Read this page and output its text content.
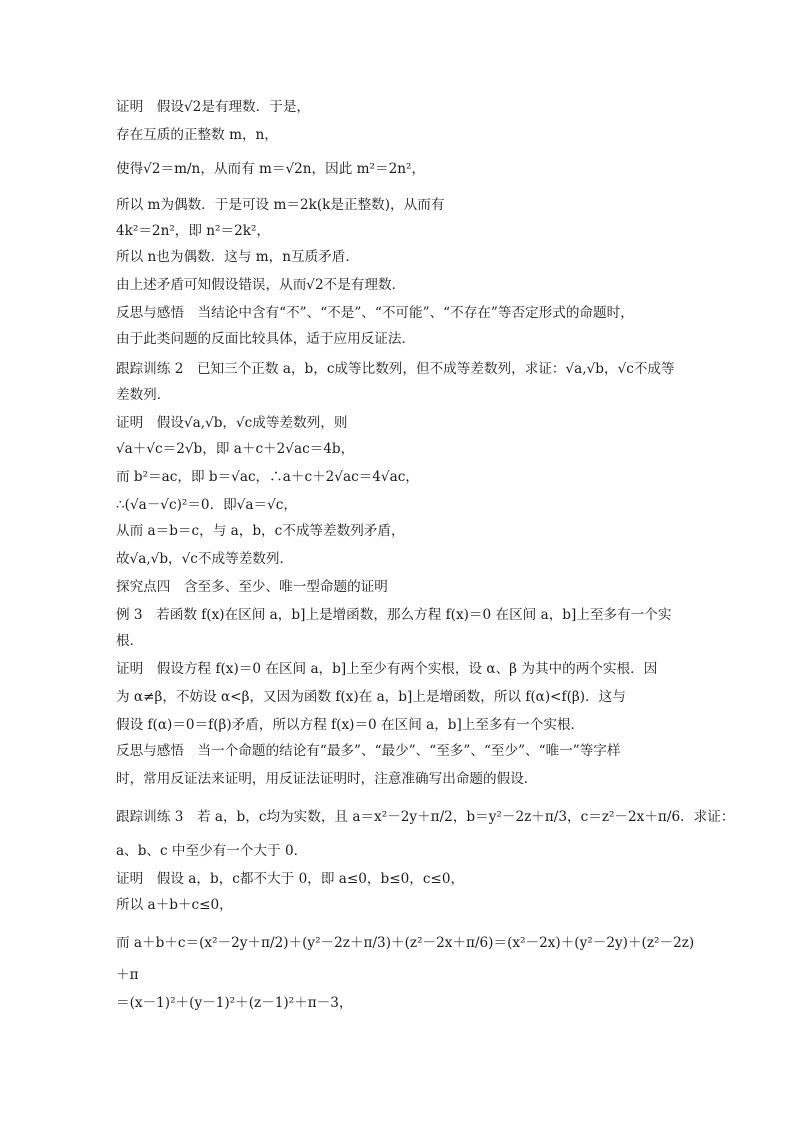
证明　假设√2是有理数．于是，
存在互质的正整数 m，n，
使得√2＝m/n，从而有 m＝√2n，因此 m²＝2n²，
所以 m为偶数．于是可设 m＝2k(k是正整数)，从而有
4k²＝2n²，即 n²＝2k²，
所以 n也为偶数．这与 m，n互质矛盾．
由上述矛盾可知假设错误，从而√2不是有理数．
反思与感悟　当结论中含有“不”、“不是”、“不可能”、“不存在”等否定形式的命题时，
由于此类问题的反面比较具体，适于应用反证法．
跟踪训练 2　已知三个正数 a，b，c成等比数列，但不成等差数列，求证：√a,√b，√c不成等
差数列．
证明　假设√a,√b，√c成等差数列，则
√a＋√c＝2√b，即 a＋c＋2√ac＝4b，
而 b²＝ac，即 b＝√ac，∴a＋c＋2√ac＝4√ac，
∴(√a－√c)²＝0．即√a＝√c，
从而 a＝b＝c，与 a，b，c不成等差数列矛盾，
故√a,√b，√c不成等差数列．
探究点四　含至多、至少、唯一型命题的证明
例 3　若函数 f(x)在区间 a，b]上是增函数，那么方程 f(x)＝0 在区间 a，b]上至多有一个实
根．
证明　假设方程 f(x)＝0 在区间 a，b]上至少有两个实根，设 α、β 为其中的两个实根．因
为 α≠β，不妨设 α<β，又因为函数 f(x)在 a，b]上是增函数，所以 f(α)<f(β)．这与
假设 f(α)＝0＝f(β)矛盾，所以方程 f(x)＝0 在区间 a，b]上至多有一个实根．
反思与感悟　当一个命题的结论有“最多”、“最少”、“至多”、“至少”、“唯一”等字样
时，常用反证法来证明，用反证法证明时，注意准确写出命题的假设．
跟踪训练 3　若 a，b，c均为实数，且 a＝x²－2y＋π/2，b＝y²－2z＋π/3，c＝z²－2x＋π/6．求证：
a、b、c 中至少有一个大于 0．
证明　假设 a，b，c都不大于 0，即 a≤0，b≤0，c≤0，
所以 a＋b＋c≤0，
而 a＋b＋c＝(x²－2y＋π/2)＋(y²－2z＋π/3)＋(z²－2x＋π/6)＝(x²－2x)＋(y²－2y)＋(z²－2z)
＋π
＝(x－1)²＋(y－1)²＋(z－1)²＋π－3，
